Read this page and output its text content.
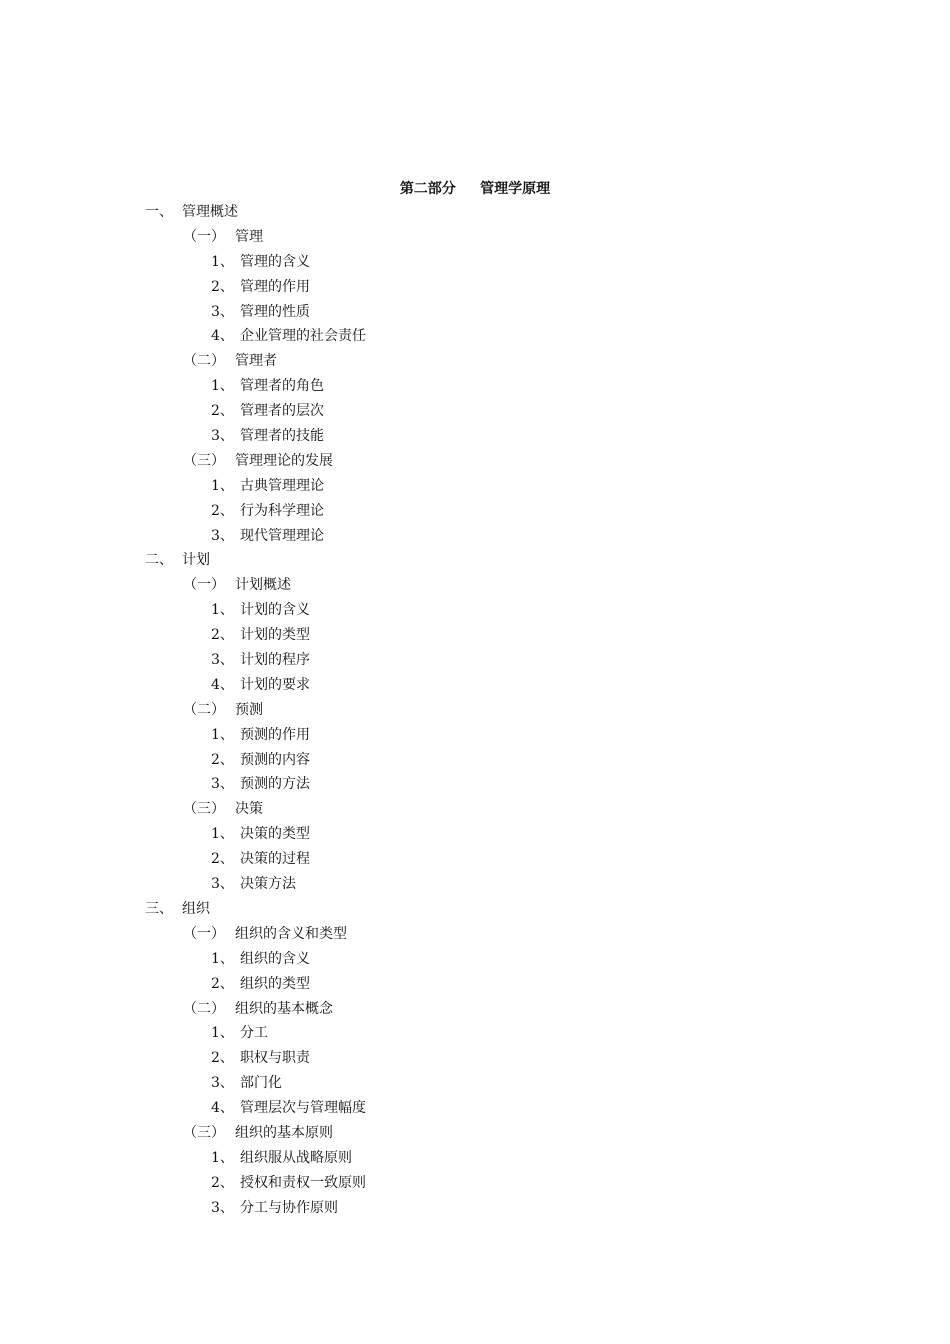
第二部分     管理学原理
一、 管理概述
（一） 管理
1、 管理的含义
2、 管理的作用
3、 管理的性质
4、 企业管理的社会责任
（二） 管理者
1、 管理者的角色
2、 管理者的层次
3、 管理者的技能
（三） 管理理论的发展
1、 古典管理理论
2、 行为科学理论
3、 现代管理理论
二、 计划
（一） 计划概述
1、 计划的含义
2、 计划的类型
3、 计划的程序
4、 计划的要求
（二） 预测
1、 预测的作用
2、 预测的内容
3、 预测的方法
（三） 决策
1、 决策的类型
2、 决策的过程
3、 决策方法
三、 组织
（一） 组织的含义和类型
1、 组织的含义
2、 组织的类型
（二） 组织的基本概念
1、 分工
2、 职权与职责
3、 部门化
4、 管理层次与管理幅度
（三） 组织的基本原则
1、 组织服从战略原则
2、 授权和责权一致原则
3、 分工与协作原则
